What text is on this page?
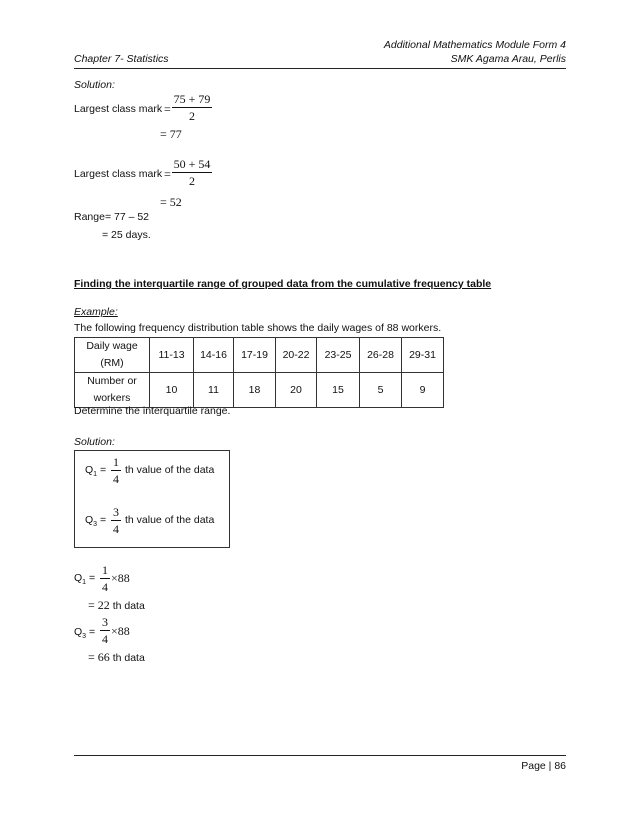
Additional Mathematics Module Form 4
Chapter 7- Statistics	SMK Agama Arau, Perlis
Solution:
Largest class mark =
75 + 79
2
= 77
Largest class mark =
50 + 54
2
= 52
Range= 77 – 52
= 25 days.
Finding the interquartile range of grouped data from the cumulative frequency table
Example:
The following frequency distribution table shows the daily wages of 88 workers.
Daily wage
(RM)	11-13	14-16	17-19	20-22	23-25	26-28	29-31
Number or
workers	10	11	18	20	15	5	9
Determine the interquartile range.
Solution:
$Q_1$ =
1
4
th value of the data
$Q_3$ =
3
4
th value of the data
$Q_1$ =
1
4
×88
= 22 th data
$Q_3$ =
3
4
×88
= 66 th data
Page | 86
